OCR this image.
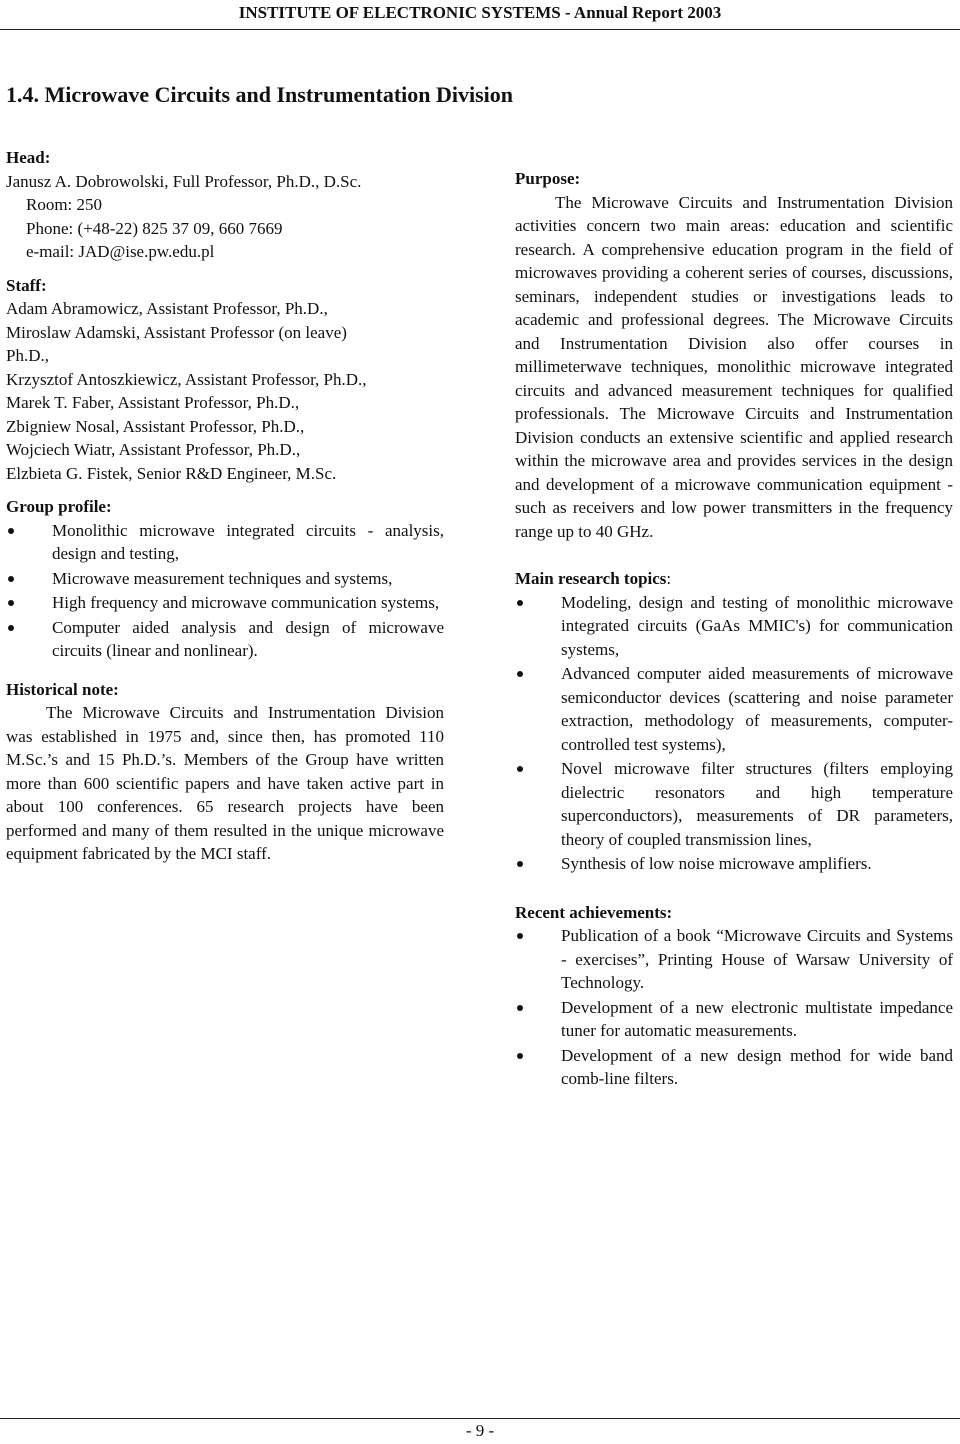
INSTITUTE OF ELECTRONIC SYSTEMS - Annual Report 2003
1.4. Microwave Circuits and Instrumentation Division
Head:
Janusz A. Dobrowolski, Full Professor, Ph.D., D.Sc.
Room: 250
Phone: (+48-22) 825 37 09, 660 7669
e-mail: JAD@ise.pw.edu.pl
Staff:
Adam Abramowicz, Assistant Professor, Ph.D.,
Miroslaw Adamski, Assistant Professor (on leave)
Ph.D.,
Krzysztof Antoszkiewicz, Assistant Professor, Ph.D.,
Marek T. Faber, Assistant Professor, Ph.D.,
Zbigniew Nosal, Assistant Professor, Ph.D.,
Wojciech Wiatr, Assistant Professor, Ph.D.,
Elzbieta G. Fistek, Senior R&D Engineer, M.Sc.
Group profile:
Monolithic microwave integrated circuits - analysis, design and testing,
Microwave measurement techniques and systems,
High frequency and microwave communication systems,
Computer aided analysis and design of microwave circuits (linear and nonlinear).
Historical note:

The Microwave Circuits and Instrumentation Division was established in 1975 and, since then, has promoted 110 M.Sc.’s and 15 Ph.D.’s. Members of the Group have written more than 600 scientific papers and have taken active part in about 100 conferences. 65 research projects have been performed and many of them resulted in the unique microwave equipment fabricated by the MCI staff.

Purpose:

The Microwave Circuits and Instrumentation Division activities concern two main areas: education and scientific research. A comprehensive education program in the field of microwaves providing a coherent series of courses, discussions, seminars, independent studies or investigations leads to academic and professional degrees. The Microwave Circuits and Instrumentation Division also offer courses in millimeterwave techniques, monolithic microwave integrated circuits and advanced measurement techniques for qualified professionals. The Microwave Circuits and Instrumentation Division conducts an extensive scientific and applied research within the microwave area and provides services in the design and development of a microwave communication equipment - such as receivers and low power transmitters in the frequency range up to 40 GHz.

Main research topics:
Modeling, design and testing of monolithic microwave integrated circuits (GaAs MMIC's) for communication systems,
Advanced computer aided measurements of microwave semiconductor devices (scattering and noise parameter extraction, methodology of measurements, computer-controlled test systems),
Novel microwave filter structures (filters employing dielectric resonators and high temperature superconductors), measurements of DR parameters, theory of coupled transmission lines,
Synthesis of low noise microwave amplifiers.
Recent achievements:
Publication of a book “Microwave Circuits and Systems - exercises”, Printing House of Warsaw University of Technology.
Development of a new electronic multistate impedance tuner for automatic measurements.
Development of a new design method for wide band comb-line filters.
- 9 -
